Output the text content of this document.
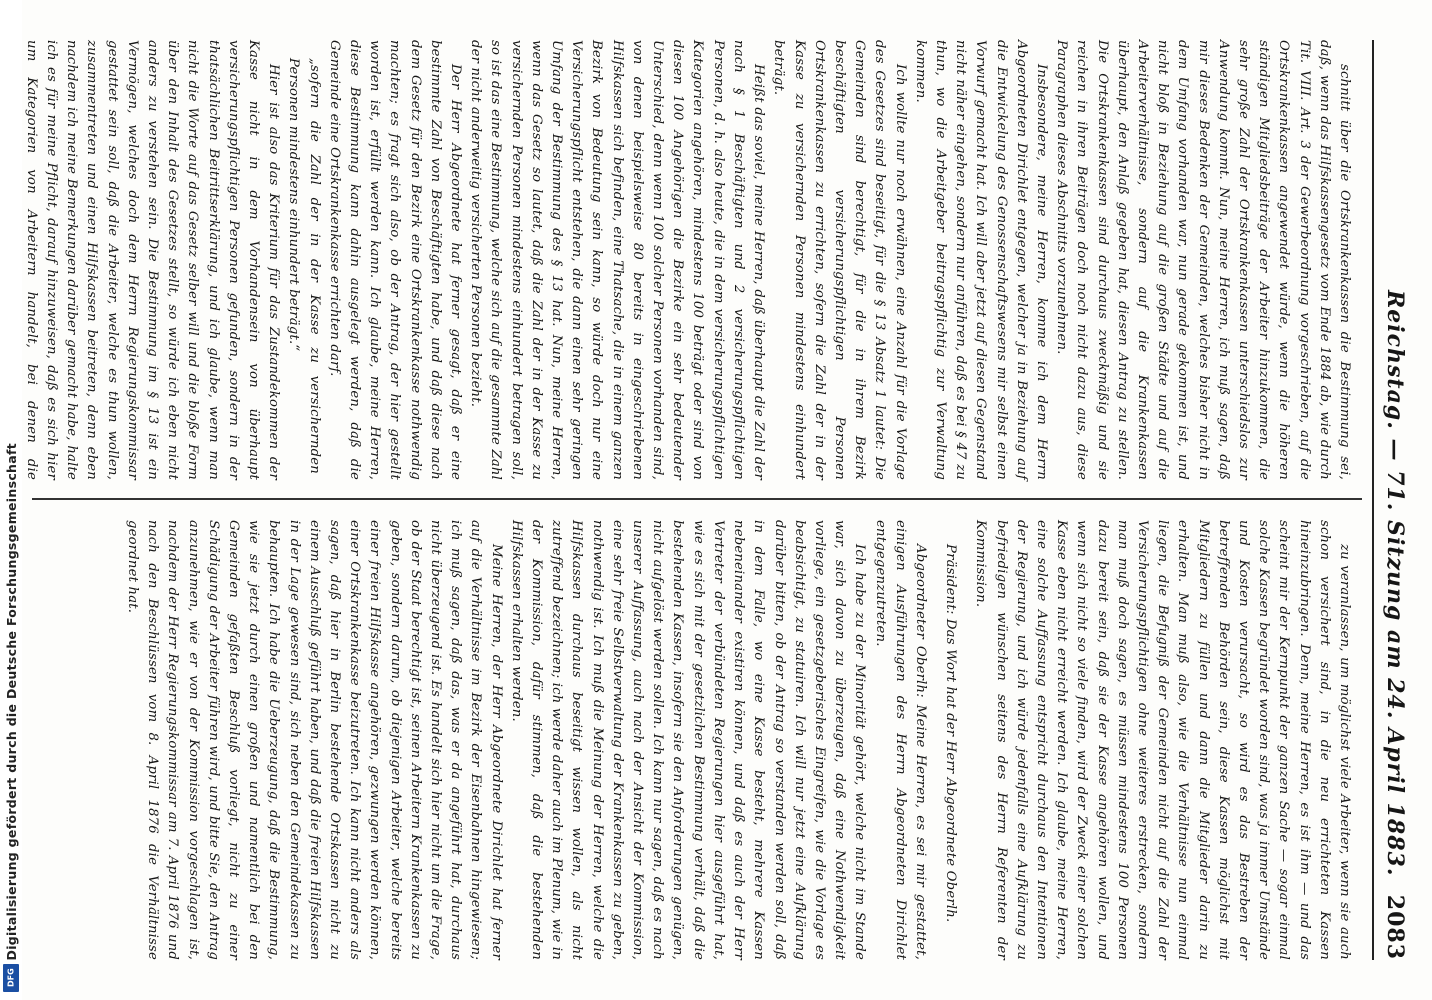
Reichstag. — 71. Sitzung am 24. April 1883.
2083

schnitt über die Ortskrankenkassen die Bestimmung sei, daß, wenn das Hilfskassengesetz vom Ende 1884 ab, wie durch Tit. VIII. Art. 3 der Gewerbeordnung vorgeschrieben, auf die Ortskrankenkassen angewendet würde, wenn die höheren ständigen Mitgliedsbeiträge der Arbeiter hinzukommen, die sehr große Zahl der Ortskrankenkassen unterschiedslos zur Anwendung kommt. Nun, meine Herren, ich muß sagen, daß mir dieses Bedenken der Gemeinden, welches bisher nicht in dem Umfang vorhanden war, nun gerade gekommen ist, und nicht bloß in Beziehung auf die großen Städte und auf die Arbeiterverhältnisse, sondern auf die Krankenkassen überhaupt, den Anlaß gegeben hat, diesen Antrag zu stellen. Die Ortskrankenkassen sind durchaus zweckmäßig und sie reichen in ihren Beiträgen doch noch nicht dazu aus, diese Paragraphen dieses Abschnitts vorzunehmen.

Insbesondere, meine Herren, komme ich dem Herrn Abgeordneten Dirichlet entgegen, welcher ja in Beziehung auf die Entwickelung des Genossenschaftswesens mir selbst einen Vorwurf gemacht hat. Ich will aber jetzt auf diesen Gegenstand nicht näher eingehen, sondern nur anführen, daß es bei § 47 zu thun, wo die Arbeitgeber beitragspflichtig zur Verwaltung kommen.

Ich wollte nur noch erwähnen, eine Anzahl für die Vorlage des Gesetzes sind beseitigt, für die § 13 Absatz 1 lautet: Die Gemeinden sind berechtigt, für die in ihrem Bezirk beschäftigten versicherungspflichtigen Personen Ortskrankenkassen zu errichten, sofern die Zahl der in der Kasse zu versichernden Personen mindestens einhundert beträgt.

Heißt das soviel, meine Herren, daß überhaupt die Zahl der nach § 1 Beschäftigten und 2 versicherungspflichtigen Personen, d. h. also heute, die in dem versicherungspflichtigen Kategorien angehören, mindestens 100 beträgt oder sind von diesen 100 Angehörigen die Bezirke ein sehr bedeutender Unterschied, denn wenn 100 solcher Personen vorhanden sind, von denen beispielsweise 80 bereits in eingeschriebenen Hilfskassen sich befinden, eine Thatsache, die in einem ganzen Bezirk von Bedeutung sein kann, so würde doch nur eine Versicherungspflicht entstehen, die dann einen sehr geringen Umfang der Bestimmung des § 13 hat. Nun, meine Herren, wenn das Gesetz so lautet, daß die Zahl der in der Kasse zu versichernden Personen mindestens einhundert betragen soll, so ist das eine Bestimmung, welche sich auf die gesammte Zahl der nicht anderweitig versicherten Personen bezieht.

Der Herr Abgeordnete hat ferner gesagt, daß er eine bestimmte Zahl von Beschäftigten habe, und daß diese nach dem Gesetz für den Bezirk eine Ortskrankenkasse nothwendig machten; es fragt sich also, ob der Antrag, der hier gestellt worden ist, erfüllt werden kann. Ich glaube, meine Herren, diese Bestimmung kann dahin ausgelegt werden, daß die Gemeinde eine Ortskrankenkasse errichten darf.

„sofern die Zahl der in der Kasse zu versichernden Personen mindestens einhundert beträgt.“

Hier ist also das Kriterium für das Zustandekommen der Kasse nicht in dem Vorhandensein von überhaupt versicherungspflichtigen Personen gefunden, sondern in der thatsächlichen Beitrittserklärung, und ich glaube, wenn man nicht die Worte auf das Gesetz selber will und die bloße Form über den Inhalt des Gesetzes stellt, so würde ich eben nicht anders zu verstehen sein. Die Bestimmung im § 13 ist ein Vermögen, welches doch dem Herrn Regierungskommissar gestattet sein soll, daß die Arbeiter, welche es thun wollen, zusammentreten und einen Hilfskassen beitreten, denn eben nachdem ich meine Bemerkungen darüber gemacht habe, halte ich es für meine Pflicht, darauf hinzuweisen, daß es sich hier um Kategorien von Arbeitern handelt, bei denen die

zu veranlassen, um möglichst viele Arbeiter, wenn sie auch schon versichert sind, in die neu errichteten Kassen hineinzubringen. Denn, meine Herren, es ist ihm — und das scheint mir der Kernpunkt der ganzen Sache — sogar einmal solche Kassen begründet worden sind, was ja immer Umstände und Kosten verursacht, so wird es das Bestreben der betreffenden Behörden sein, diese Kassen möglichst mit Mitgliedern zu füllen und dann die Mitglieder darin zu erhalten. Man muß also, wie die Verhältnisse nun einmal liegen, die Befugniß der Gemeinden nicht auf die Zahl der Versicherungspflichtigen ohne weiteres erstrecken, sondern man muß doch sagen, es müssen mindestens 100 Personen dazu bereit sein, daß sie der Kasse angehören wollen, und wenn sich nicht so viele finden, wird der Zweck einer solchen Kasse eben nicht erreicht werden. Ich glaube, meine Herren, eine solche Auffassung entspricht durchaus den Intentionen der Regierung, und ich würde jedenfalls eine Aufklärung zu befriedigen wünschen seitens des Herrn Referenten der Kommission.

Präsident: Das Wort hat der Herr Abgeordnete Oberlh.

Abgeordneter Oberlh: Meine Herren, es sei mir gestattet, einigen Ausführungen des Herrn Abgeordneten Dirichlet entgegenzutreten.

Ich habe zu der Minorität gehört, welche nicht im Stande war, sich davon zu überzeugen, daß eine Nothwendigkeit vorliege, ein gesetzgeberisches Eingreifen, wie die Vorlage es beabsichtigt, zu statuiren. Ich will nur jetzt eine Aufklärung darüber bitten, ob der Antrag so verstanden werden soll, daß in dem Falle, wo eine Kasse besteht, mehrere Kassen nebeneinander existiren können, und daß es auch der Herr Vertreter der verbündeten Regierungen hier ausgeführt hat, wie es sich mit der gesetzlichen Bestimmung verhält, daß die bestehenden Kassen, insofern sie den Anforderungen genügen, nicht aufgelöst werden sollen. Ich kann nur sagen, daß es nach unserer Auffassung, auch nach der Ansicht der Kommission, eine sehr freie Selbstverwaltung der Krankenkassen zu geben, nothwendig ist. Ich muß die Meinung der Herren, welche die Hilfskassen durchaus beseitigt wissen wollen, als nicht zutreffend bezeichnen; ich werde daher auch im Plenum, wie in der Kommission, dafür stimmen, daß die bestehenden Hilfskassen erhalten werden.

Meine Herren, der Herr Abgeordnete Dirichlet hat ferner auf die Verhältnisse im Bezirk der Eisenbahnen hingewiesen; ich muß sagen, daß das, was er da angeführt hat, durchaus nicht überzeugend ist. Es handelt sich hier nicht um die Frage, ob der Staat berechtigt ist, seinen Arbeitern Krankenkassen zu geben, sondern darum, ob diejenigen Arbeiter, welche bereits einer freien Hilfskasse angehören, gezwungen werden können, einer Ortskrankenkasse beizutreten. Ich kann nicht anders als sagen, daß hier in Berlin bestehende Ortskassen nicht zu einem Ausschluß geführt haben, und daß die freien Hilfskassen in der Lage gewesen sind, sich neben den Gemeindekassen zu behaupten. Ich habe die Ueberzeugung, daß die Bestimmung, wie sie jetzt durch einen großen und namentlich bei den Gemeinden gefaßten Beschluß vorliegt, nicht zu einer Schädigung der Arbeiter führen wird, und bitte Sie, den Antrag anzunehmen, wie er von der Kommission vorgeschlagen ist, nachdem der Herr Regierungskommissar am 7. April 1876 und nach den Beschlüssen vom 8. April 1876 die Verhältnisse geordnet hat.

Digitalisierung gefördert durch die Deutsche Forschungsgemeinschaft
DFG
